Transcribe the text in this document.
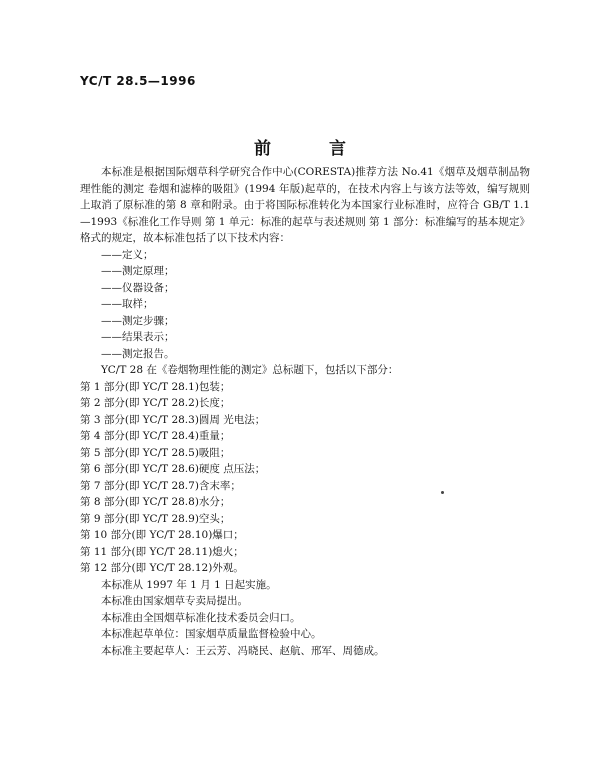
YC/T 28.5—1996
前 言

本标准是根据国际烟草科学研究合作中心(CORESTA)推荐方法 No.41《烟草及烟草制品物理性能的测定 卷烟和滤棒的吸阻》(1994 年版)起草的，在技术内容上与该方法等效，编写规则上取消了原标准的第 8 章和附录。由于将国际标准转化为本国家行业标准时，应符合 GB/T 1.1—1993《标准化工作导则 第 1 单元：标准的起草与表述规则 第 1 部分：标准编写的基本规定》格式的规定，故本标准包括了以下技术内容：

——定义；

——测定原理；

——仪器设备；

——取样；

——测定步骤；

——结果表示；

——测定报告。

YC/T 28 在《卷烟物理性能的测定》总标题下，包括以下部分：

第 1 部分(即 YC/T 28.1)包装；

第 2 部分(即 YC/T 28.2)长度；

第 3 部分(即 YC/T 28.3)圆周 光电法；

第 4 部分(即 YC/T 28.4)重量；

第 5 部分(即 YC/T 28.5)吸阻；

第 6 部分(即 YC/T 28.6)硬度 点压法；

第 7 部分(即 YC/T 28.7)含末率；

第 8 部分(即 YC/T 28.8)水分；

第 9 部分(即 YC/T 28.9)空头；

第 10 部分(即 YC/T 28.10)爆口；

第 11 部分(即 YC/T 28.11)熄火；

第 12 部分(即 YC/T 28.12)外观。

本标准从 1997 年 1 月 1 日起实施。

本标准由国家烟草专卖局提出。

本标准由全国烟草标准化技术委员会归口。

本标准起草单位：国家烟草质量监督检验中心。

本标准主要起草人：王云芳、冯晓民、赵航、邢军、周德成。
